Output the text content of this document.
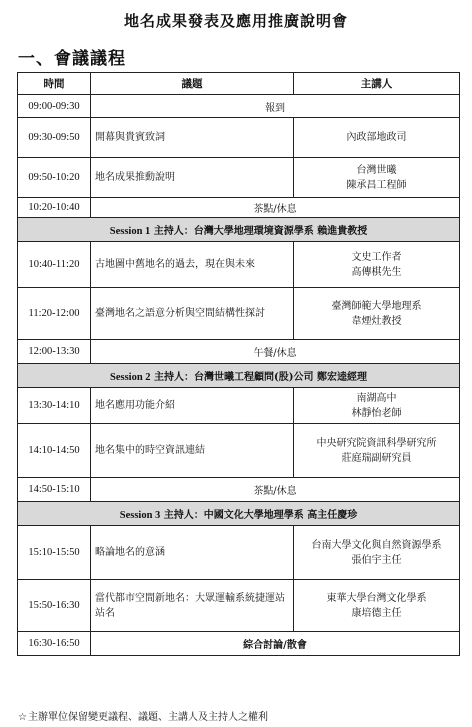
地名成果發表及應用推廣說明會
一、會議議程
時間	議題	主講人
09:00-09:30	報到	
09:30-09:50	開幕與貴賓致詞	內政部地政司

09:50-10:20	地名成果推動說明	台灣世曦
陳承昌工程師

10:20-10:40	茶點/休息	
Session 1 主持人：台灣大學地理環境資源學系 賴進貴教授		
10:40-11:20	古地圖中舊地名的過去，現在與未來	文史工作者
高傳棋先生

11:20-12:00	臺灣地名之語意分析與空間結構性探討	臺灣師範大學地理系
韋煙灶教授

12:00-13:30	午餐/休息	
Session 2 主持人：台灣世曦工程顧問(股)公司 鄭宏逵經理		
13:30-14:10	地名應用功能介紹	南湖高中
林靜怡老師

14:10-14:50	地名集中的時空資訊連結	中央研究院資訊科學研究所
莊庭瑞副研究員

14:50-15:10	茶點/休息	
Session 3 主持人：中國文化大學地理學系 高主任慶珍		
15:10-15:50	略論地名的意涵	台南大學文化與自然資源學系
張伯宇主任

15:50-16:30	當代都市空間新地名：大眾運輸系統捷運站站名	東華大學台灣文化學系
康培德主任

16:30-16:50	綜合討論/散會	
☆主辦單位保留變更議程、議題、主講人及主持人之權利
